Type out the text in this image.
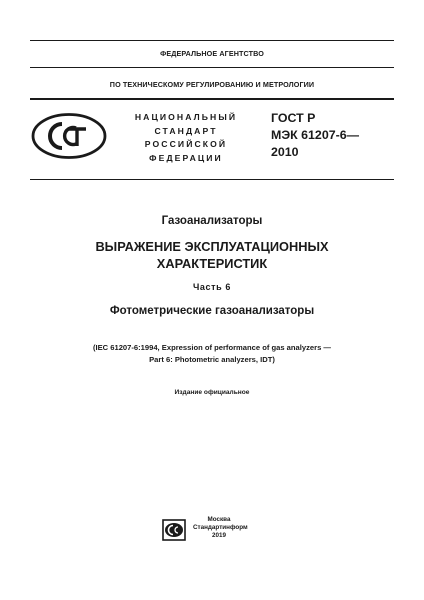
ФЕДЕРАЛЬНОЕ АГЕНТСТВО
ПО ТЕХНИЧЕСКОМУ РЕГУЛИРОВАНИЮ И МЕТРОЛОГИИ
НАЦИОНАЛЬНЫЙ
СТАНДАРТ
РОССИЙСКОЙ
ФЕДЕРАЦИИ
ГОСТ Р
МЭК 61207-6—
2010
Газоанализаторы
ВЫРАЖЕНИЕ ЭКСПЛУАТАЦИОННЫХ
ХАРАКТЕРИСТИК
Часть 6
Фотометрические газоанализаторы
(IEC 61207-6:1994, Expression of performance of gas analyzers —
Part 6: Photometric analyzers, IDT)
Издание официальное
Москва
Стандартинформ
2019
